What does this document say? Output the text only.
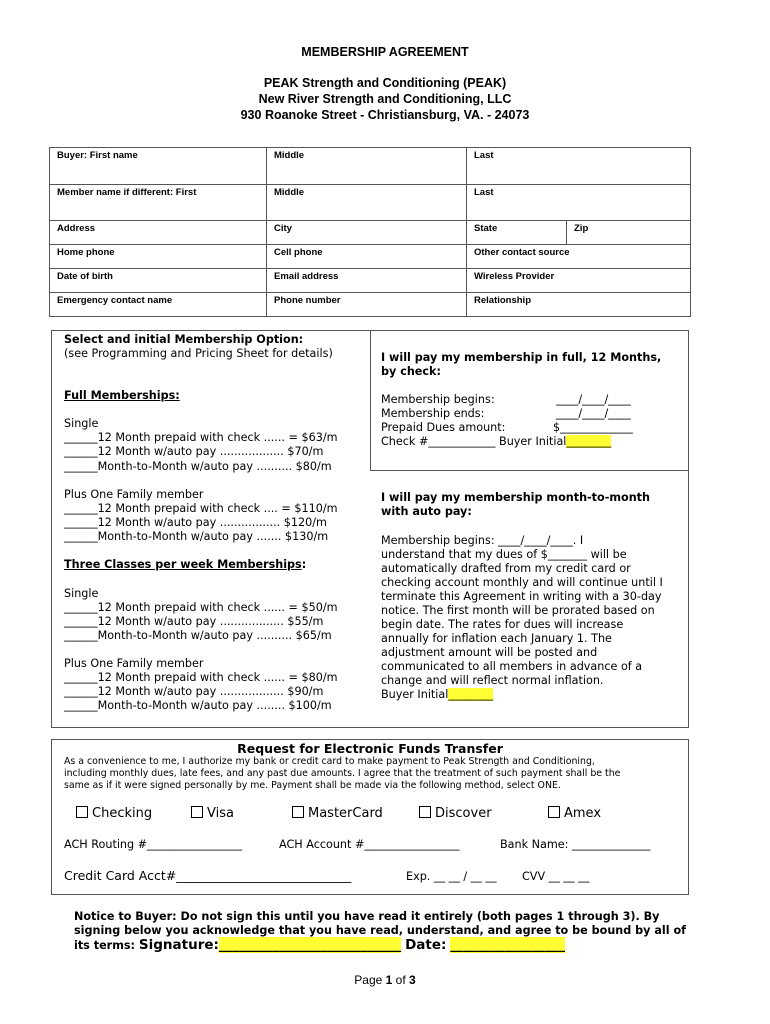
MEMBERSHIP AGREEMENT
PEAK Strength and Conditioning (PEAK)
New River Strength and Conditioning, LLC
930 Roanoke Street - Christiansburg, VA. - 24073
Buyer: First name	Middle	Last	
Member name if different: First	Middle	Last	
Address	City	State	Zip
Home phone	Cell phone	Other contact source	
Date of birth	Email address	Wireless Provider	
Emergency contact name	Phone number	Relationship	
Select and initial Membership Option:
(see Programming and Pricing Sheet for details)
Full Memberships:
Single
______12 Month prepaid with check ...... = $63/m
______12 Month w/auto pay .................. $70/m
______Month-to-Month w/auto pay .......... $80/m
Plus One Family member
______12 Month prepaid with check .... = $110/m
______12 Month w/auto pay ................. $120/m
______Month-to-Month w/auto pay ....... $130/m
Three Classes per week Memberships:
Single
______12 Month prepaid with check ...... = $50/m
______12 Month w/auto pay .................. $55/m
______Month-to-Month w/auto pay .......... $65/m
Plus One Family member
______12 Month prepaid with check ...... = $80/m
______12 Month w/auto pay .................. $90/m
______Month-to-Month w/auto pay ........ $100/m
I will pay my membership in full, 12 Months,
by check:
Membership begins:	____/____/____
Membership ends:	____/____/____
Prepaid Dues amount:	$_____________
Check #____________ Buyer Initial________
I will pay my membership month-to-month
with auto pay:
Membership begins: ____/____/____. I
understand that my dues of $_______ will be
automatically drafted from my credit card or
checking account monthly and will continue until I
terminate this Agreement in writing with a 30-day
notice. The first month will be prorated based on
begin date. The rates for dues will increase
annually for inflation each January 1. The
adjustment amount will be posted and
communicated to all members in advance of a
change and will reflect normal inflation.
Buyer Initial________
Request for Electronic Funds Transfer
As a convenience to me, I authorize my bank or credit card to make payment to Peak Strength and Conditioning,
including monthly dues, late fees, and any past due amounts. I agree that the treatment of such payment shall be the
same as if it were signed personally by me. Payment shall be made via the following method, select ONE.
Checking	Visa	MasterCard	Discover	Amex
ACH Routing #_________________	ACH Account #_________________	Bank Name: ______________
Credit Card Acct#____________________________	Exp. __ __ / __ __ CVV __ __ __
Notice to Buyer: Do not sign this until you have read it entirely (both pages 1 through 3). By
signing below you acknowledge that you have read, understand, and agree to be bound by all of
its terms: Signature:___________________________ Date: _________________
Page 1 of 3
